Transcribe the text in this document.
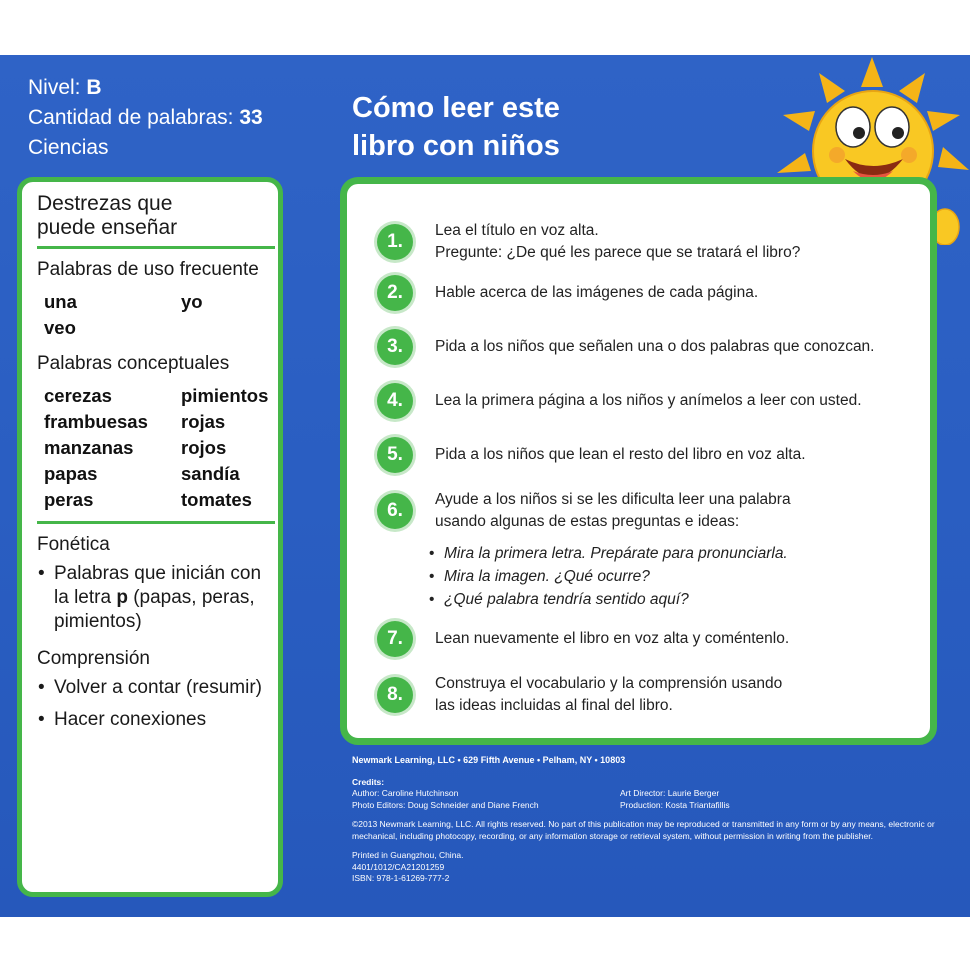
Nivel: B
Cantidad de palabras: 33
Ciencias
Cómo leer este
libro con niños
Destrezas que
puede enseñar
Palabras de uso frecuente
una	yo
veo
Palabras conceptuales
cerezas	pimientos
frambuesas	rojas
manzanas	rojos
papas	sandía
peras	tomates
Fonética
• Palabras que inicián con
la letra p (papas, peras,
pimientos)
Comprensión
• Volver a contar (resumir)
• Hacer conexiones
1.
Lea el título en voz alta.
Pregunte: ¿De qué les parece que se tratará el libro?
2.	Hable acerca de las imágenes de cada página.
3.	Pida a los niños que señalen una o dos palabras que conozcan.
4.	Lea la primera página a los niños y anímelos a leer con usted.
5.	Pida a los niños que lean el resto del libro en voz alta.
6.
Ayude a los niños si se les dificulta leer una palabra
usando algunas de estas preguntas e ideas:
• Mira la primera letra. Prepárate para pronunciarla.
• Mira la imagen. ¿Qué ocurre?
• ¿Qué palabra tendría sentido aquí?
7.	Lean nuevamente el libro en voz alta y coméntenlo.
8.
Construya el vocabulario y la comprensión usando
las ideas incluidas al final del libro.
Newmark Learning, LLC • 629 Fifth Avenue • Pelham, NY • 10803
Credits:
Author: Caroline Hutchinson	Art Director: Laurie Berger
Photo Editors: Doug Schneider and Diane French	Production: Kosta Triantafillis
©2013 Newmark Learning, LLC. All rights reserved. No part of this publication may be reproduced or transmitted in any form or by any means, electronic or mechanical, including photocopy, recording, or any information storage or retrieval system, without permission in writing from the publisher.
Printed in Guangzhou, China.
4401/1012/CA21201259
ISBN: 978-1-61269-777-2
